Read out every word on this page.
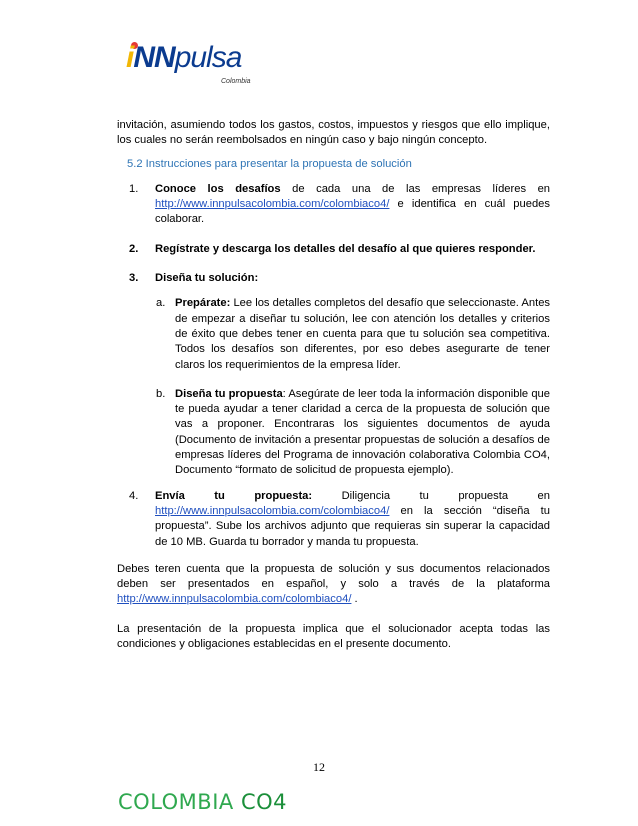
iNNpulsa
Colombia

invitación, asumiendo todos los gastos, costos, impuestos y riesgos que ello implique, los cuales no serán reembolsados en ningún caso y bajo ningún concepto.

5.2 Instrucciones para presentar la propuesta de solución

1. Conoce los desafíos de cada una de las empresas líderes en http://www.innpulsacolombia.com/colombiaco4/ e identifica en cuál puedes colaborar.
2. Regístrate y descarga los detalles del desafío al que quieres responder.
3. Diseña tu solución:
a. Prepárate: Lee los detalles completos del desafío que seleccionaste. Antes de empezar a diseñar tu solución, lee con atención los detalles y criterios de éxito que debes tener en cuenta para que tu solución sea competitiva. Todos los desafíos son diferentes, por eso debes asegurarte de tener claros los requerimientos de la empresa líder.
b. Diseña tu propuesta: Asegúrate de leer toda la información disponible que te pueda ayudar a tener claridad a cerca de la propuesta de solución que vas a proponer. Encontraras los siguientes documentos de ayuda (Documento de invitación a presentar propuestas de solución a desafíos de empresas líderes del Programa de innovación colaborativa Colombia CO4, Documento “formato de solicitud de propuesta ejemplo).
4. Envía tu propuesta: Diligencia tu propuesta en http://www.innpulsacolombia.com/colombiaco4/ en la sección “diseña tu propuesta”. Sube los archivos adjunto que requieras sin superar la capacidad de 10 MB. Guarda tu borrador y manda tu propuesta.

Debes teren cuenta que la propuesta de solución y sus documentos relacionados deben ser presentados en español, y solo a través de la plataforma http://www.innpulsacolombia.com/colombiaco4/ .

La presentación de la propuesta implica que el solucionador acepta todas las condiciones y obligaciones establecidas en el presente documento.

12
COLOMBIA CO4
